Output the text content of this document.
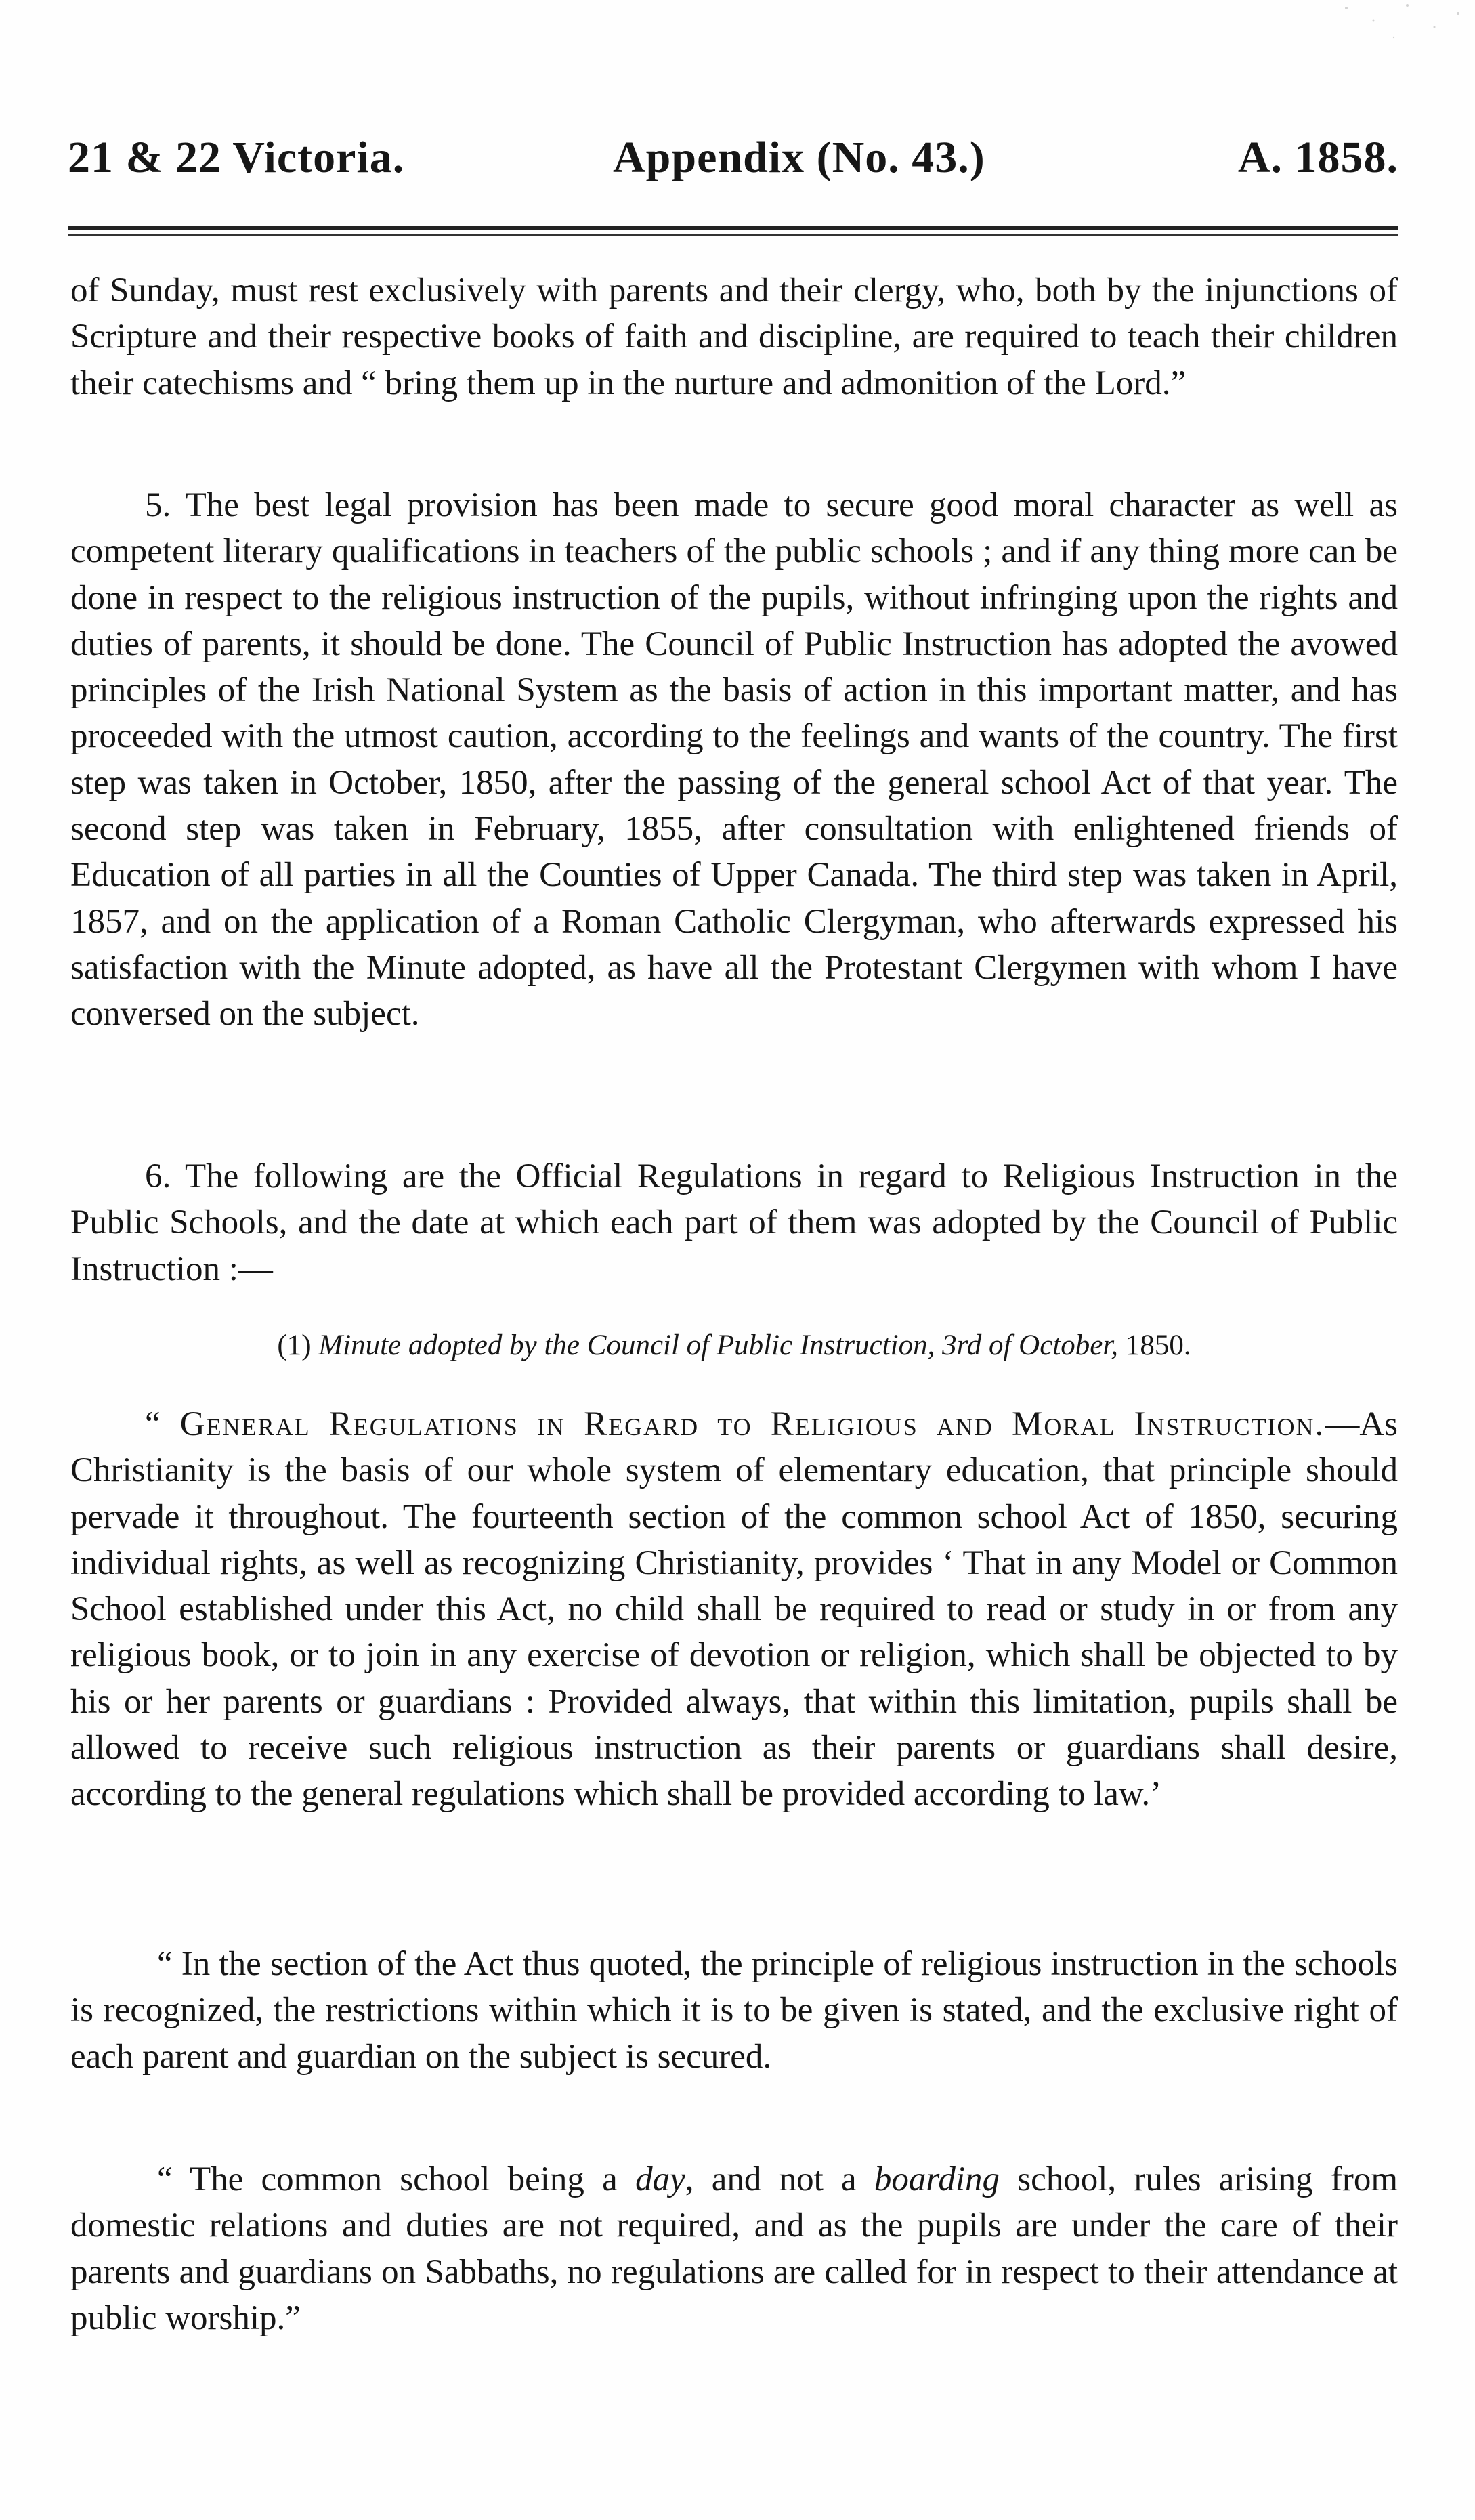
21 & 22 Victoria.	Appendix (No. 43.)	A. 1858.

of Sunday, must rest exclusively with parents and their clergy, who, both by the injunctions of Scripture and their respective books of faith and discipline, are required to teach their children their catechisms and “ bring them up in the nurture and admonition of the Lord.”

5. The best legal provision has been made to secure good moral character as well as competent literary qualifications in teachers of the public schools ; and if any thing more can be done in respect to the religious instruction of the pupils, without infringing upon the rights and duties of parents, it should be done. The Council of Public Instruction has adopted the avowed principles of the Irish National System as the basis of action in this important matter, and has proceeded with the utmost caution, according to the feelings and wants of the country. The first step was taken in October, 1850, after the passing of the general school Act of that year. The second step was taken in February, 1855, after consultation with enlightened friends of Education of all parties in all the Counties of Upper Canada. The third step was taken in April, 1857, and on the application of a Roman Catholic Clergyman, who afterwards expressed his satisfaction with the Minute adopted, as have all the Protestant Clergymen with whom I have conversed on the subject.

6. The following are the Official Regulations in regard to Religious Instruction in the Public Schools, and the date at which each part of them was adopted by the Council of Public Instruction :—

(1) Minute adopted by the Council of Public Instruction, 3rd of October, 1850.

“ General Regulations in Regard to Religious and Moral Instruction.—As Christianity is the basis of our whole system of elementary education, that principle should pervade it throughout. The fourteenth section of the common school Act of 1850, securing individual rights, as well as recognizing Christianity, provides ‘ That in any Model or Common School established under this Act, no child shall be required to read or study in or from any religious book, or to join in any exercise of devotion or religion, which shall be objected to by his or her parents or guardians : Provided always, that within this limitation, pupils shall be allowed to receive such religious instruction as their parents or guardians shall desire, according to the general regulations which shall be provided according to law.’

“ In the section of the Act thus quoted, the principle of religious instruction in the schools is recognized, the restrictions within which it is to be given is stated, and the exclusive right of each parent and guardian on the subject is secured.

“ The common school being a day, and not a boarding school, rules arising from domestic relations and duties are not required, and as the pupils are under the care of their parents and guardians on Sabbaths, no regulations are called for in respect to their attendance at public worship.”
